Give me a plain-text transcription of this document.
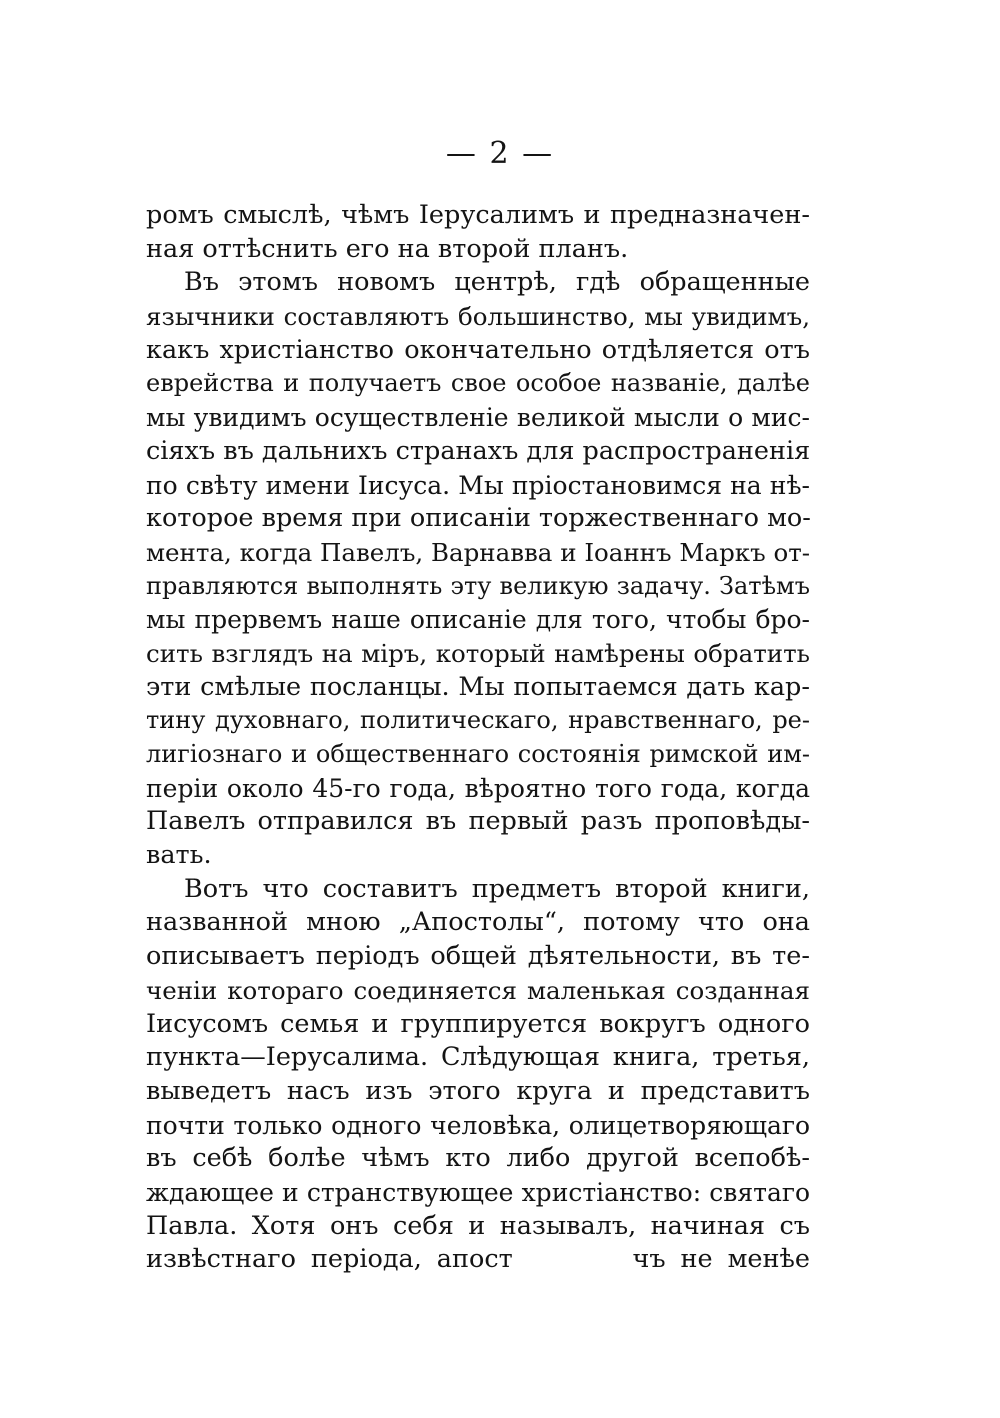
— 2 —
ромъ смыслѣ, чѣмъ Іерусалимъ и предназначен-
ная оттѣснить его на второй планъ.
Въ этомъ новомъ центрѣ, гдѣ обращенные
язычники составляютъ большинство, мы увидимъ,
какъ христіанство окончательно отдѣляется отъ
еврейства и получаетъ свое особое названіе, далѣе
мы увидимъ осуществленіе великой мысли о мис-
сіяхъ въ дальнихъ странахъ для распространенія
по свѣту имени Іисуса. Мы пріостановимся на нѣ-
которое время при описаніи торжественнаго мо-
мента, когда Павелъ, Варнавва и Іоаннъ Маркъ от-
правляются выполнять эту великую задачу. Затѣмъ
мы прервемъ наше описаніе для того, чтобы бро-
сить взглядъ на міръ, который намѣрены обратить
эти смѣлые посланцы. Мы попытаемся дать кар-
тину духовнаго, политическаго, нравственнаго, ре-
лигіознаго и общественнаго состоянія римской им-
періи около 45-го года, вѣроятно того года, когда
Павелъ отправился въ первый разъ проповѣды-
вать.
Вотъ что составитъ предметъ второй книги,
названной мною „Апостолы“, потому что она
описываетъ періодъ общей дѣятельности, въ те-
ченіи котораго соединяется маленькая созданная
Іисусомъ семья и группируется вокругъ одного
пункта—Іерусалима. Слѣдующая книга, третья,
выведетъ насъ изъ этого круга и представитъ
почти только одного человѣка, олицетворяющаго
въ себѣ болѣе чѣмъ кто либо другой всепобѣ-
ждающее и странствующее христіанство: святаго
Павла. Хотя онъ себя и называлъ, начиная съ
извѣстнаго періода, апост        чъ не менѣе
